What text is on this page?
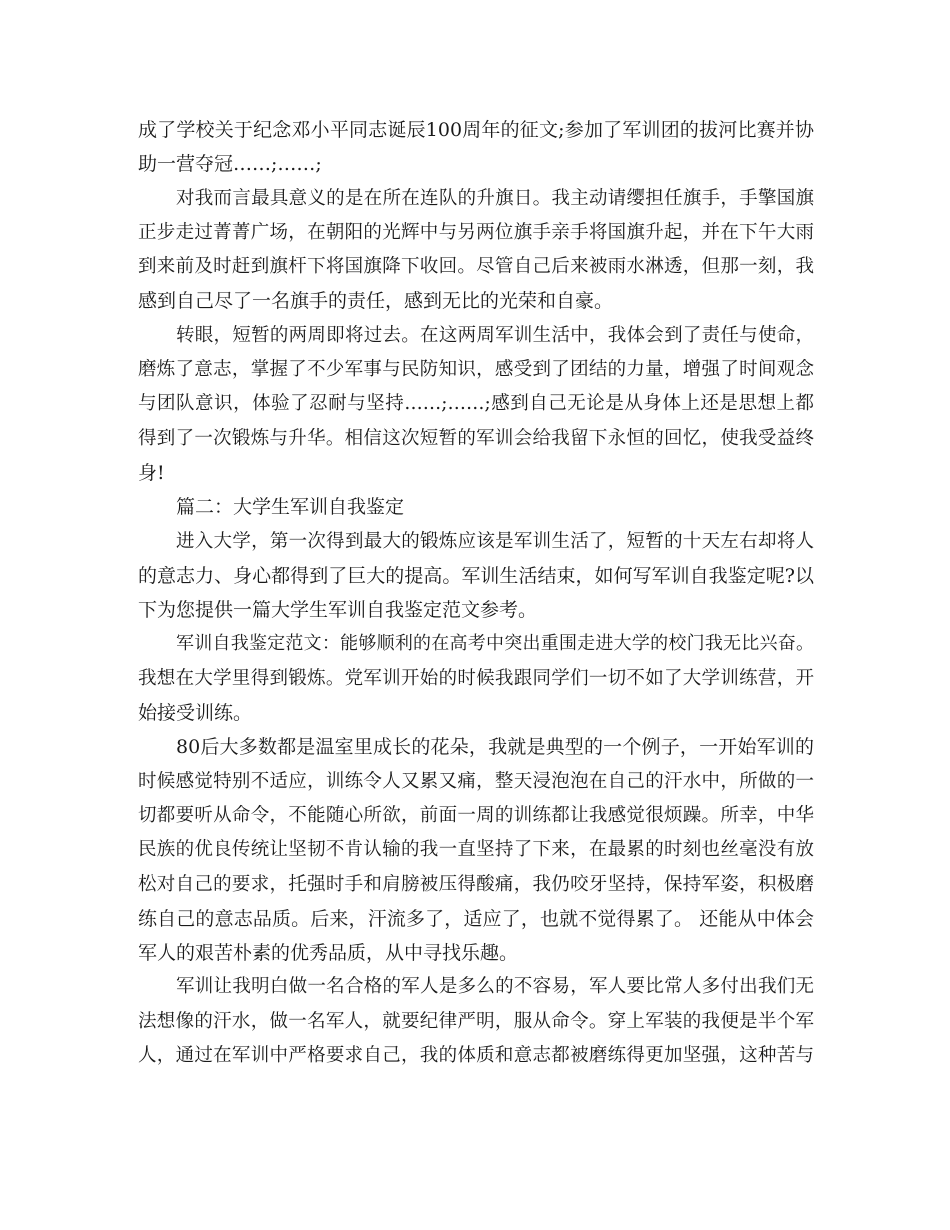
成了学校关于纪念邓小平同志诞辰100周年的征文;参加了军训团的拔河比赛并协
助一营夺冠……;……;
对我而言最具意义的是在所在连队的升旗日。我主动请缨担任旗手，手擎国旗
正步走过菁菁广场，在朝阳的光辉中与另两位旗手亲手将国旗升起，并在下午大雨
到来前及时赶到旗杆下将国旗降下收回。尽管自己后来被雨水淋透，但那一刻，我
感到自己尽了一名旗手的责任，感到无比的光荣和自豪。
转眼，短暂的两周即将过去。在这两周军训生活中，我体会到了责任与使命，
磨炼了意志，掌握了不少军事与民防知识，感受到了团结的力量，增强了时间观念
与团队意识，体验了忍耐与坚持……;……;感到自己无论是从身体上还是思想上都
得到了一次锻炼与升华。相信这次短暂的军训会给我留下永恒的回忆，使我受益终
身!
篇二：大学生军训自我鉴定
进入大学，第一次得到最大的锻炼应该是军训生活了，短暂的十天左右却将人
的意志力、身心都得到了巨大的提高。军训生活结束，如何写军训自我鉴定呢?以
下为您提供一篇大学生军训自我鉴定范文参考。
军训自我鉴定范文：能够顺利的在高考中突出重围走进大学的校门我无比兴奋。
我想在大学里得到锻炼。党军训开始的时候我跟同学们一切不如了大学训练营，开
始接受训练。
80后大多数都是温室里成长的花朵，我就是典型的一个例子，一开始军训的
时候感觉特别不适应，训练令人又累又痛，整天浸泡泡在自己的汗水中，所做的一
切都要听从命令，不能随心所欲，前面一周的训练都让我感觉很烦躁。所幸，中华
民族的优良传统让坚韧不肯认输的我一直坚持了下来，在最累的时刻也丝毫没有放
松对自己的要求，托强时手和肩膀被压得酸痛，我仍咬牙坚持，保持军姿，积极磨
练自己的意志品质。后来，汗流多了，适应了，也就不觉得累了。 还能从中体会
军人的艰苦朴素的优秀品质，从中寻找乐趣。
军训让我明白做一名合格的军人是多么的不容易，军人要比常人多付出我们无
法想像的汗水，做一名军人，就要纪律严明，服从命令。穿上军装的我便是半个军
人，通过在军训中严格要求自己，我的体质和意志都被磨练得更加坚强，这种苦与
